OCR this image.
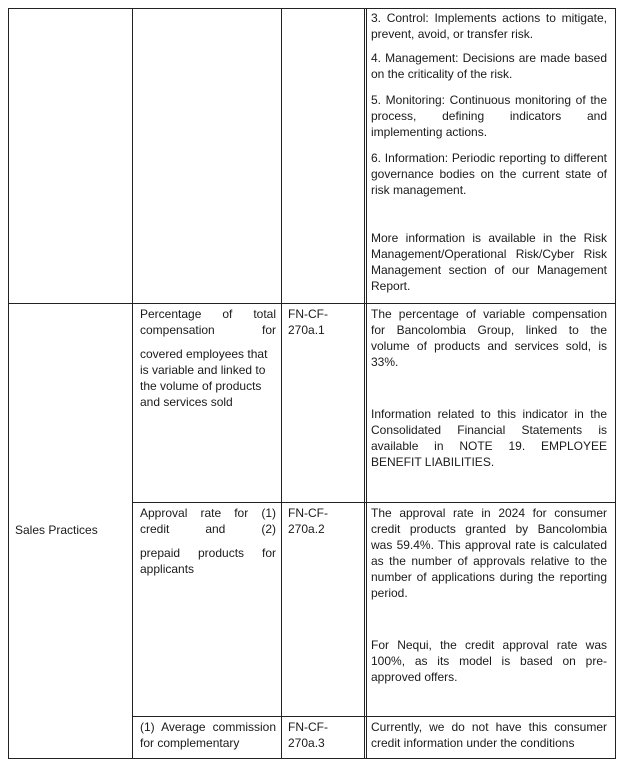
3. Control: Implements actions to mitigate, prevent, avoid, or transfer risk.

4. Management: Decisions are made based on the criticality of the risk.

5. Monitoring: Continuous monitoring of the process, defining indicators and implementing actions.

6. Information: Periodic reporting to different governance bodies on the current state of risk management.

More information is available in the Risk Management/Operational Risk/Cyber Risk Management section of our Management Report.

Sales Practices

Percentage of total compensation for

covered employees that is variable and linked to the volume of products and services sold

FN-CF-270a.1

The percentage of variable compensation for Bancolombia Group, linked to the volume of products and services sold, is 33%.

Information related to this indicator in the Consolidated Financial Statements is available in NOTE 19. EMPLOYEE BENEFIT LIABILITIES.

Approval rate for (1) credit and (2)

prepaid products for applicants

FN-CF-270a.2

The approval rate in 2024 for consumer credit products granted by Bancolombia was 59.4%. This approval rate is calculated as the number of approvals relative to the number of applications during the reporting period.

For Nequi, the credit approval rate was 100%, as its model is based on pre-approved offers.

(1) Average commission for complementary

FN-CF-270a.3

Currently, we do not have this consumer credit information under the conditions
